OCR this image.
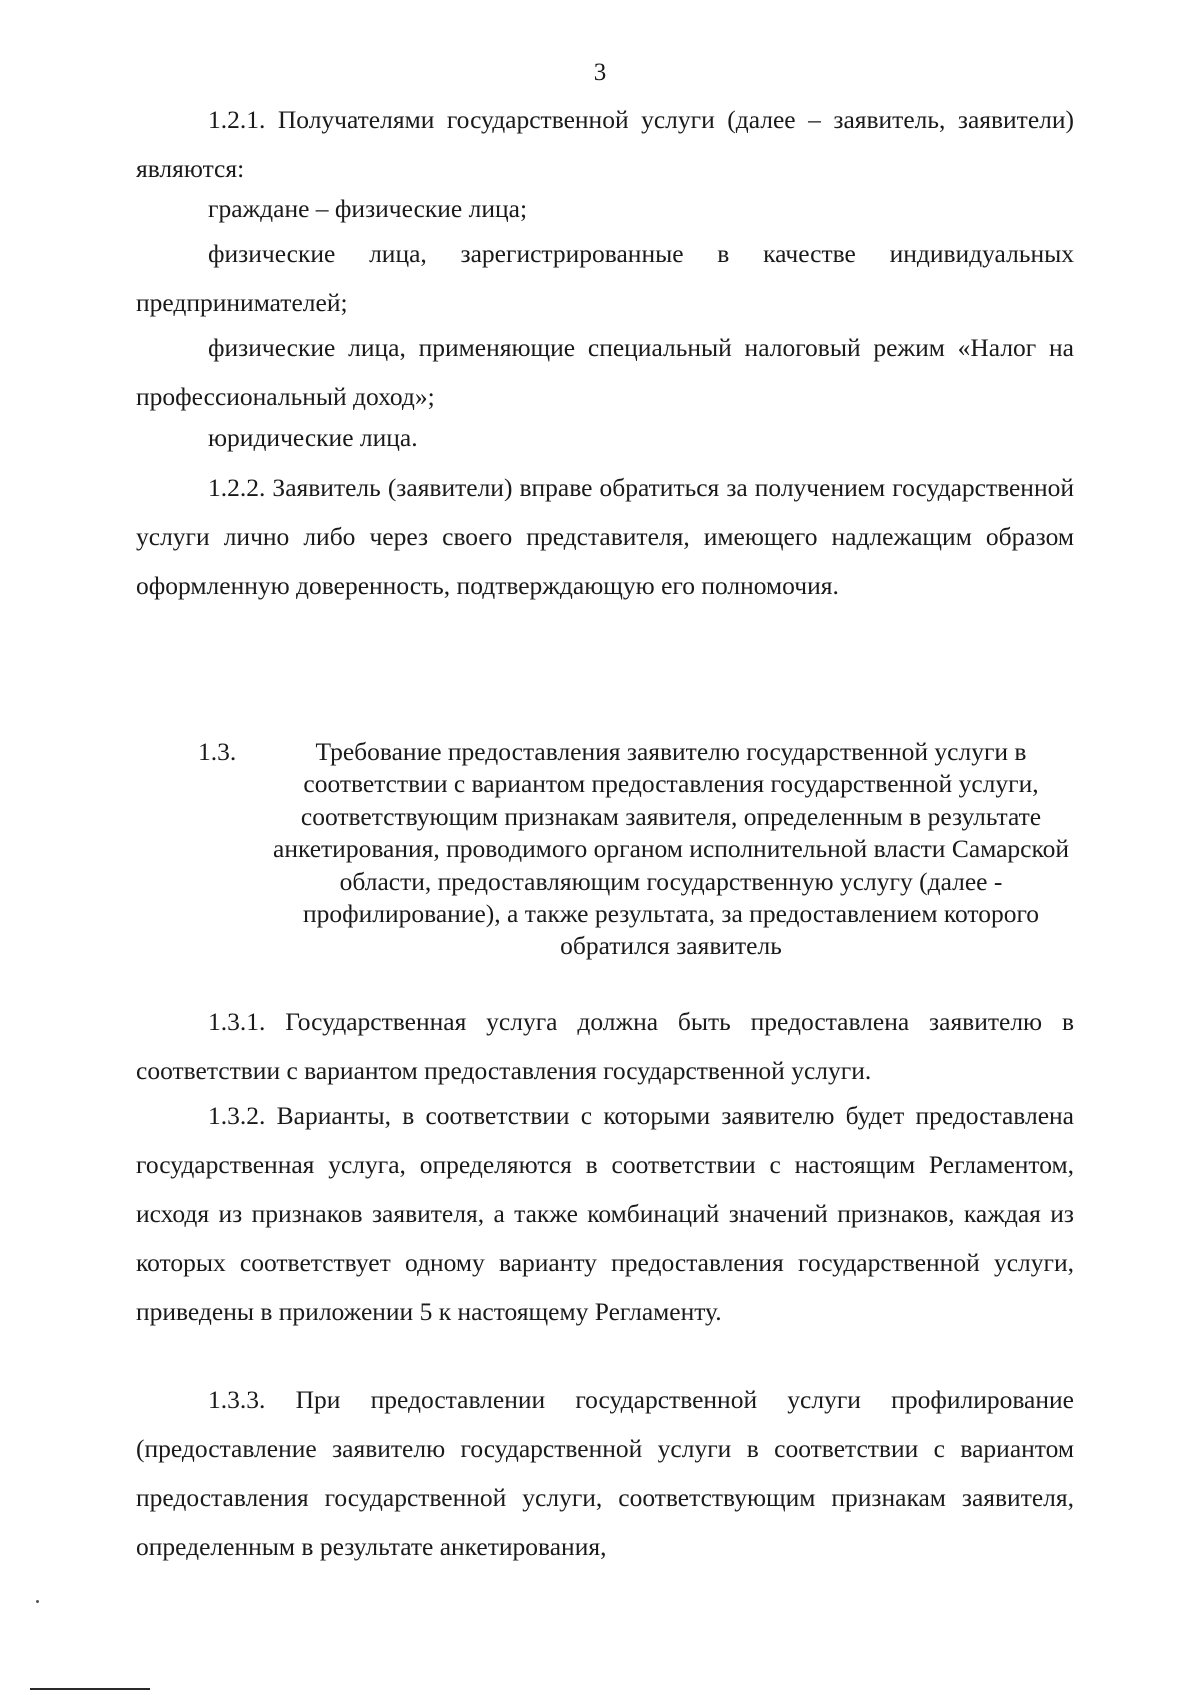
3

1.2.1. Получателями государственной услуги (далее – заявитель, заявители) являются:

граждане – физические лица;

физические лица, зарегистрированные в качестве индивидуальных предпринимателей;

физические лица, применяющие специальный налоговый режим «Налог на профессиональный доход»;

юридические лица.

1.2.2. Заявитель (заявители) вправе обратиться за получением государственной услуги лично либо через своего представителя, имеющего надлежащим образом оформленную доверенность, подтверждающую его полномочия.

1.3.	Требование предоставления заявителю государственной услуги в соответствии с вариантом предоставления государственной услуги, соответствующим признакам заявителя, определенным в результате анкетирования, проводимого органом исполнительной власти Самарской области, предоставляющим государственную услугу (далее - профилирование), а также результата, за предоставлением которого обратился заявитель

1.3.1. Государственная услуга должна быть предоставлена заявителю в соответствии с вариантом предоставления государственной услуги.

1.3.2. Варианты, в соответствии с которыми заявителю будет предоставлена государственная услуга, определяются в соответствии с настоящим Регламентом, исходя из признаков заявителя, а также комбинаций значений признаков, каждая из которых соответствует одному варианту предоставления государственной услуги, приведены в приложении 5 к настоящему Регламенту.

1.3.3. При предоставлении государственной услуги профилирование (предоставление заявителю государственной услуги в соответствии с вариантом предоставления государственной услуги, соответствующим признакам заявителя, определенным в результате анкетирования,
